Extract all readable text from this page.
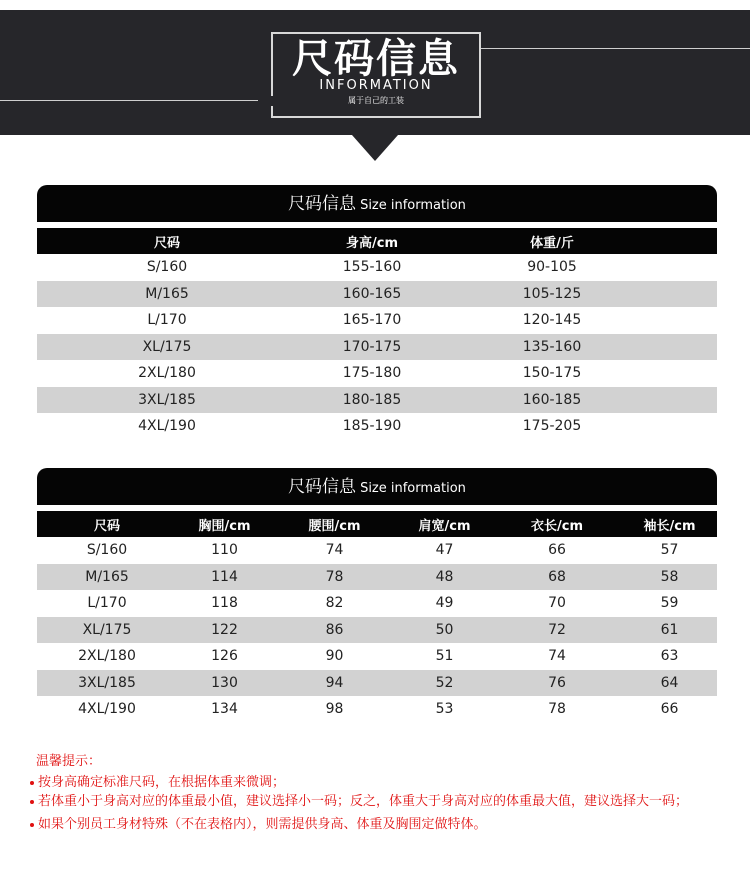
尺码信息
INFORMATION
属于自己的工装
尺码信息 Size information
尺码	身高/cm	体重/斤
S/160	155-160	90-105
M/165	160-165	105-125
L/170	165-170	120-145
XL/175	170-175	135-160
2XL/180	175-180	150-175
3XL/185	180-185	160-185
4XL/190	185-190	175-205
尺码信息 Size information
尺码	胸围/cm	腰围/cm	肩宽/cm	衣长/cm	袖长/cm
S/160	110	74	47	66	57
M/165	114	78	48	68	58
L/170	118	82	49	70	59
XL/175	122	86	50	72	61
2XL/180	126	90	51	74	63
3XL/185	130	94	52	76	64
4XL/190	134	98	53	78	66
温馨提示：
按身高确定标准尺码，在根据体重来微调；
若体重小于身高对应的体重最小值，建议选择小一码；反之，体重大于身高对应的体重最大值，建议选择大一码；
如果个别员工身材特殊（不在表格内），则需提供身高、体重及胸围定做特体。
